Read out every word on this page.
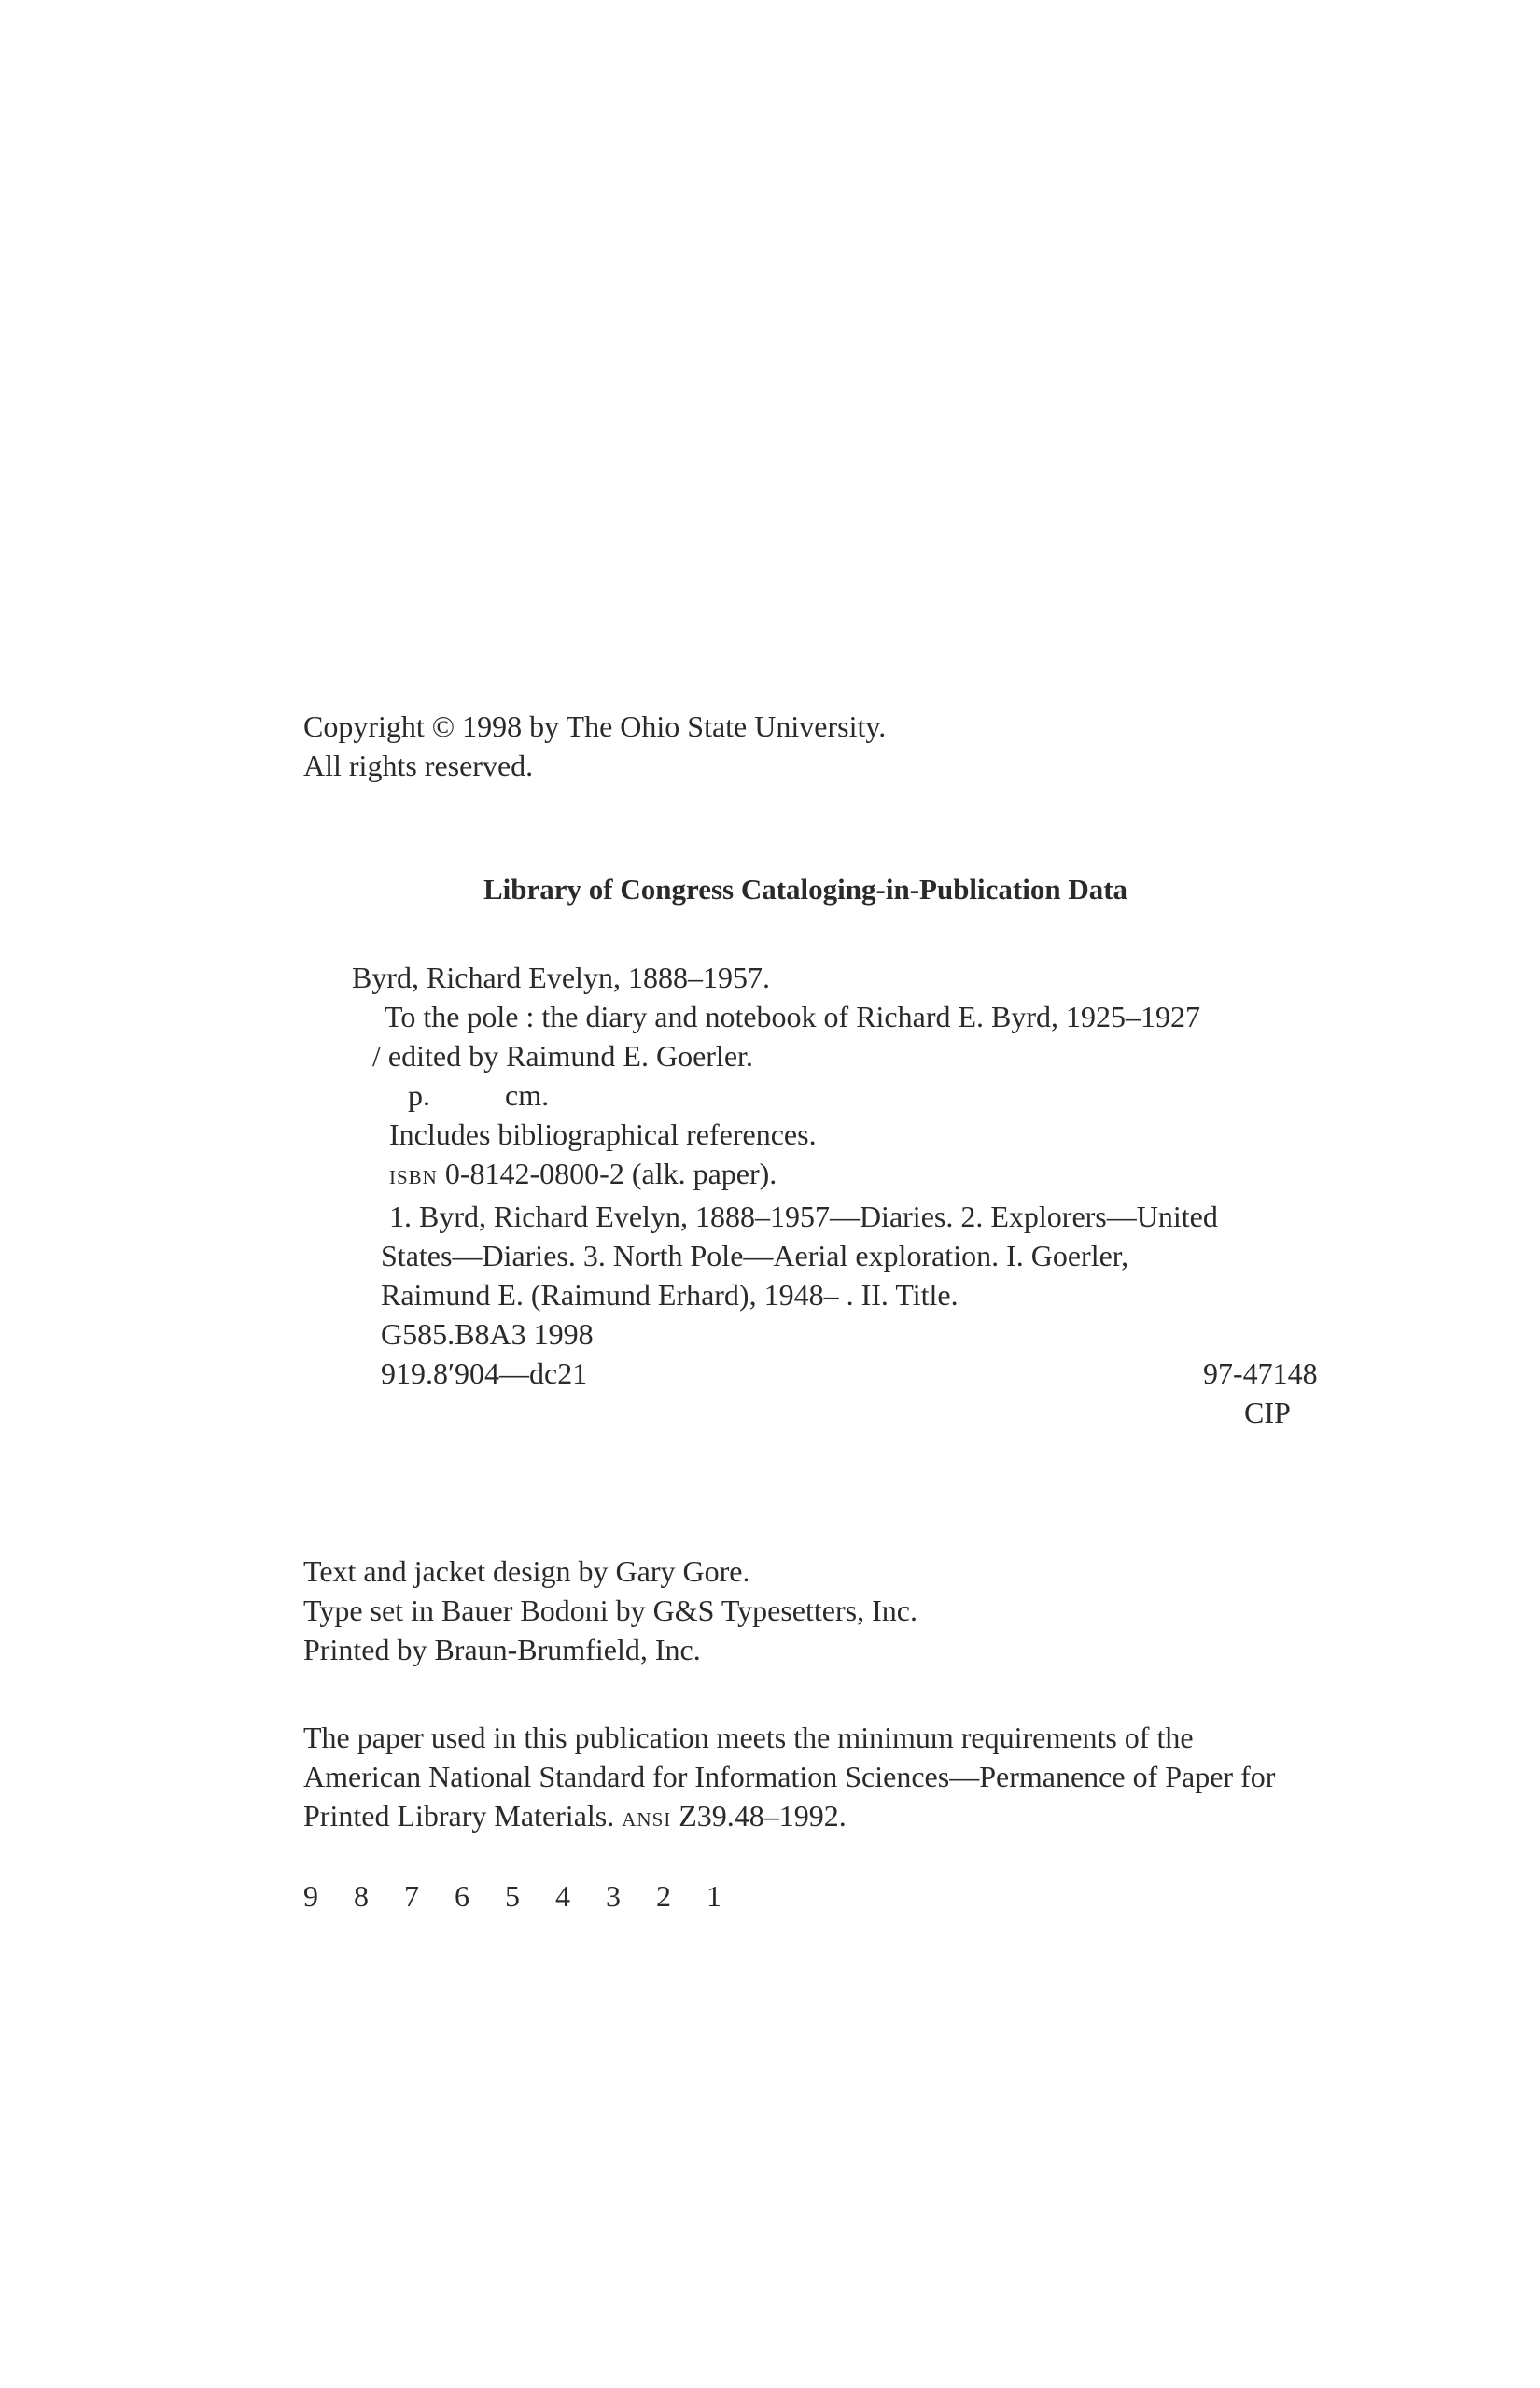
Copyright © 1998 by The Ohio State University.
All rights reserved.
Library of Congress Cataloging-in-Publication Data
Byrd, Richard Evelyn, 1888–1957.
To the pole : the diary and notebook of Richard E. Byrd, 1925–1927
/ edited by Raimund E. Goerler.
p.	cm.
Includes bibliographical references.
ISBN 0-8142-0800-2 (alk. paper).
1. Byrd, Richard Evelyn, 1888–1957—Diaries. 2. Explorers—United
States—Diaries. 3. North Pole—Aerial exploration. I. Goerler,
Raimund E. (Raimund Erhard), 1948– . II. Title.
G585.B8A3 1998
919.8′904—dc21	97-47148
CIP
Text and jacket design by Gary Gore.
Type set in Bauer Bodoni by G&S Typesetters, Inc.
Printed by Braun-Brumfield, Inc.
The paper used in this publication meets the minimum requirements of the
American National Standard for Information Sciences—Permanence of Paper for
Printed Library Materials. ANSI Z39.48–1992.
9 8 7 6 5 4 3 2 1
